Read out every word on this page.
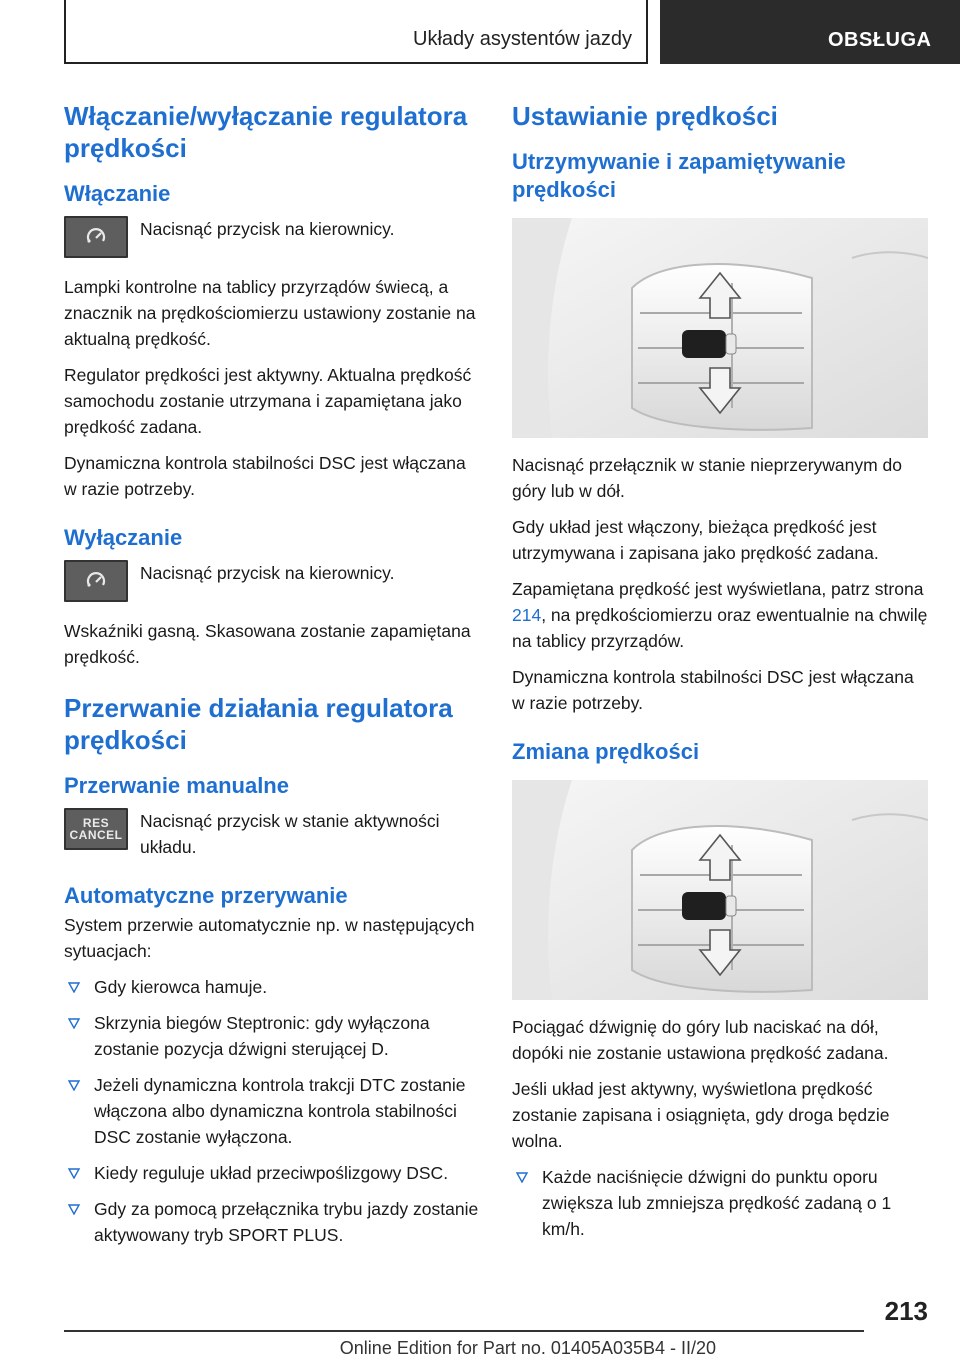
Układy asystentów jazdy	OBSŁUGA
Włączanie/wyłączanie regulatora prędkości
Włączanie
Nacisnąć przycisk na kierownicy.

Lampki kontrolne na tablicy przyrządów świecą, a znacznik na prędkościomierzu ustawiony zostanie na aktualną prędkość.

Regulator prędkości jest aktywny. Aktualna prędkość samochodu zostanie utrzymana i zapamiętana jako prędkość zadana.

Dynamiczna kontrola stabilności DSC jest włączana w razie potrzeby.

Wyłączanie
Nacisnąć przycisk na kierownicy.

Wskaźniki gasną. Skasowana zostanie zapamiętana prędkość.

Przerwanie działania regulatora prędkości
Przerwanie manualne
RES
CANCEL
Nacisnąć przycisk w stanie aktywności układu.
Automatyczne przerywanie

System przerwie automatycznie np. w następujących sytuacjach:

Gdy kierowca hamuje.
Skrzynia biegów Steptronic: gdy wyłączona zostanie pozycja dźwigni sterującej D.
Jeżeli dynamiczna kontrola trakcji DTC zostanie włączona albo dynamiczna kontrola stabilności DSC zostanie wyłączona.
Kiedy reguluje układ przeciwpoślizgowy DSC.
Gdy za pomocą przełącznika trybu jazdy zostanie aktywowany tryb SPORT PLUS.
Ustawianie prędkości
Utrzymywanie i zapamiętywanie prędkości

Nacisnąć przełącznik w stanie nieprzerywanym do góry lub w dół.

Gdy układ jest włączony, bieżąca prędkość jest utrzymywana i zapisana jako prędkość zadana.

Zapamiętana prędkość jest wyświetlana, patrz strona 214, na prędkościomierzu oraz ewentualnie na chwilę na tablicy przyrządów.

Dynamiczna kontrola stabilności DSC jest włączana w razie potrzeby.

Zmiana prędkości

Pociągać dźwignię do góry lub naciskać na dół, dopóki nie zostanie ustawiona prędkość zadana.

Jeśli układ jest aktywny, wyświetlona prędkość zostanie zapisana i osiągnięta, gdy droga będzie wolna.

Każde naciśnięcie dźwigni do punktu oporu zwiększa lub zmniejsza prędkość zadaną o 1 km/h.
213
Online Edition for Part no. 01405A035B4 - II/20
